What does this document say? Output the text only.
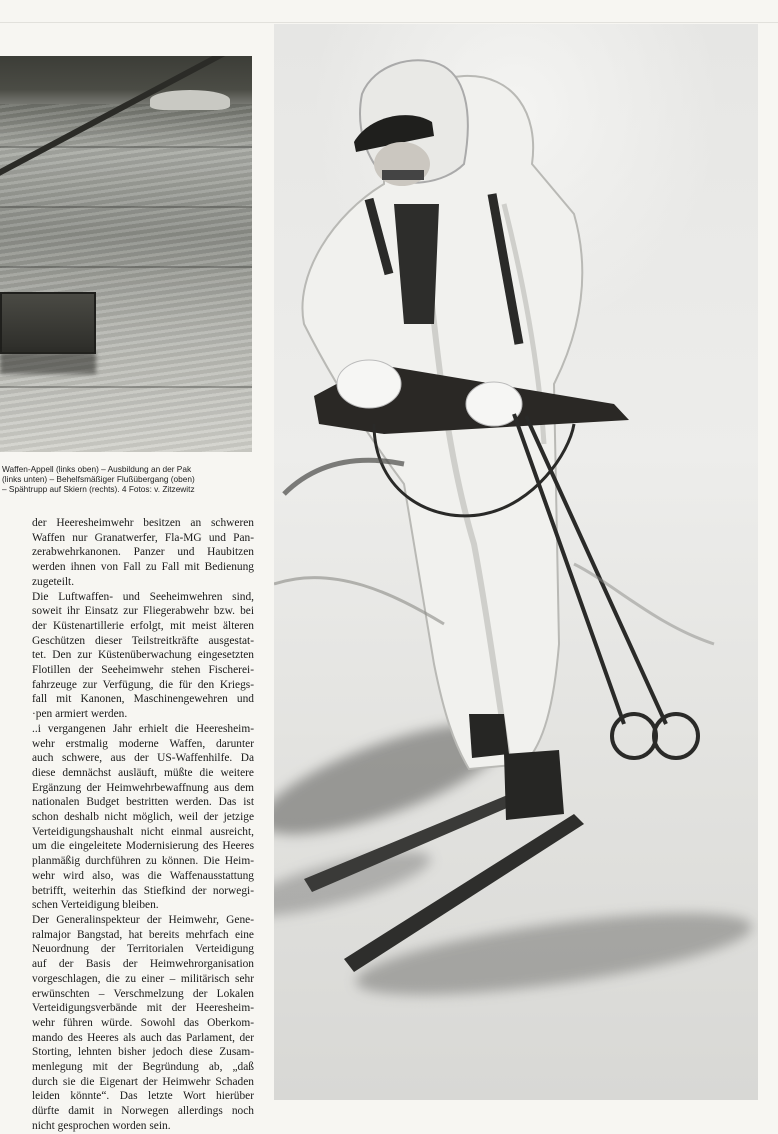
Waffen-Appell (links oben) – Ausbildung an der Pak
(links unten) – Behelfsmäßiger Flußübergang (oben)
– Spähtrupp auf Skiern (rechts). 4 Fotos: v. Zitzewitz
der Heeresheimwehr besitzen an schweren
Waffen nur Granatwerfer, Fla-MG und Pan-
zerabwehrkanonen. Panzer und Haubitzen
werden ihnen von Fall zu Fall mit Bedienung
zugeteilt.
Die Luftwaffen- und Seeheimwehren sind,
soweit ihr Einsatz zur Fliegerabwehr bzw. bei
der Küstenartillerie erfolgt, mit meist älteren
Geschützen dieser Teilstreitkräfte ausgestat-
tet. Den zur Küstenüberwachung eingesetzten
Flotillen der Seeheimwehr stehen Fischerei-
fahrzeuge zur Verfügung, die für den Kriegs-
fall mit Kanonen, Maschinengewehren und
·pen armiert werden.
..i vergangenen Jahr erhielt die Heeresheim-
wehr erstmalig moderne Waffen, darunter
auch schwere, aus der US-Waffenhilfe. Da
diese demnächst ausläuft, müßte die weitere
Ergänzung der Heimwehrbewaffnung aus dem
nationalen Budget bestritten werden. Das ist
schon deshalb nicht möglich, weil der jetzige
Verteidigungshaushalt nicht einmal ausreicht,
um die eingeleitete Modernisierung des Heeres
planmäßig durchführen zu können. Die Heim-
wehr wird also, was die Waffenausstattung
betrifft, weiterhin das Stiefkind der norwegi-
schen Verteidigung bleiben.
Der Generalinspekteur der Heimwehr, Gene-
ralmajor Bangstad, hat bereits mehrfach eine
Neuordnung der Territorialen Verteidigung
auf der Basis der Heimwehrorganisation
vorgeschlagen, die zu einer – militärisch sehr
erwünschten – Verschmelzung der Lokalen
Verteidigungsverbände mit der Heeresheim-
wehr führen würde. Sowohl das Oberkom-
mando des Heeres als auch das Parlament, der
Storting, lehnten bisher jedoch diese Zusam-
menlegung mit der Begründung ab, „daß
durch sie die Eigenart der Heimwehr Schaden
leiden könnte“. Das letzte Wort hierüber
dürfte damit in Norwegen allerdings noch
nicht gesprochen worden sein.
